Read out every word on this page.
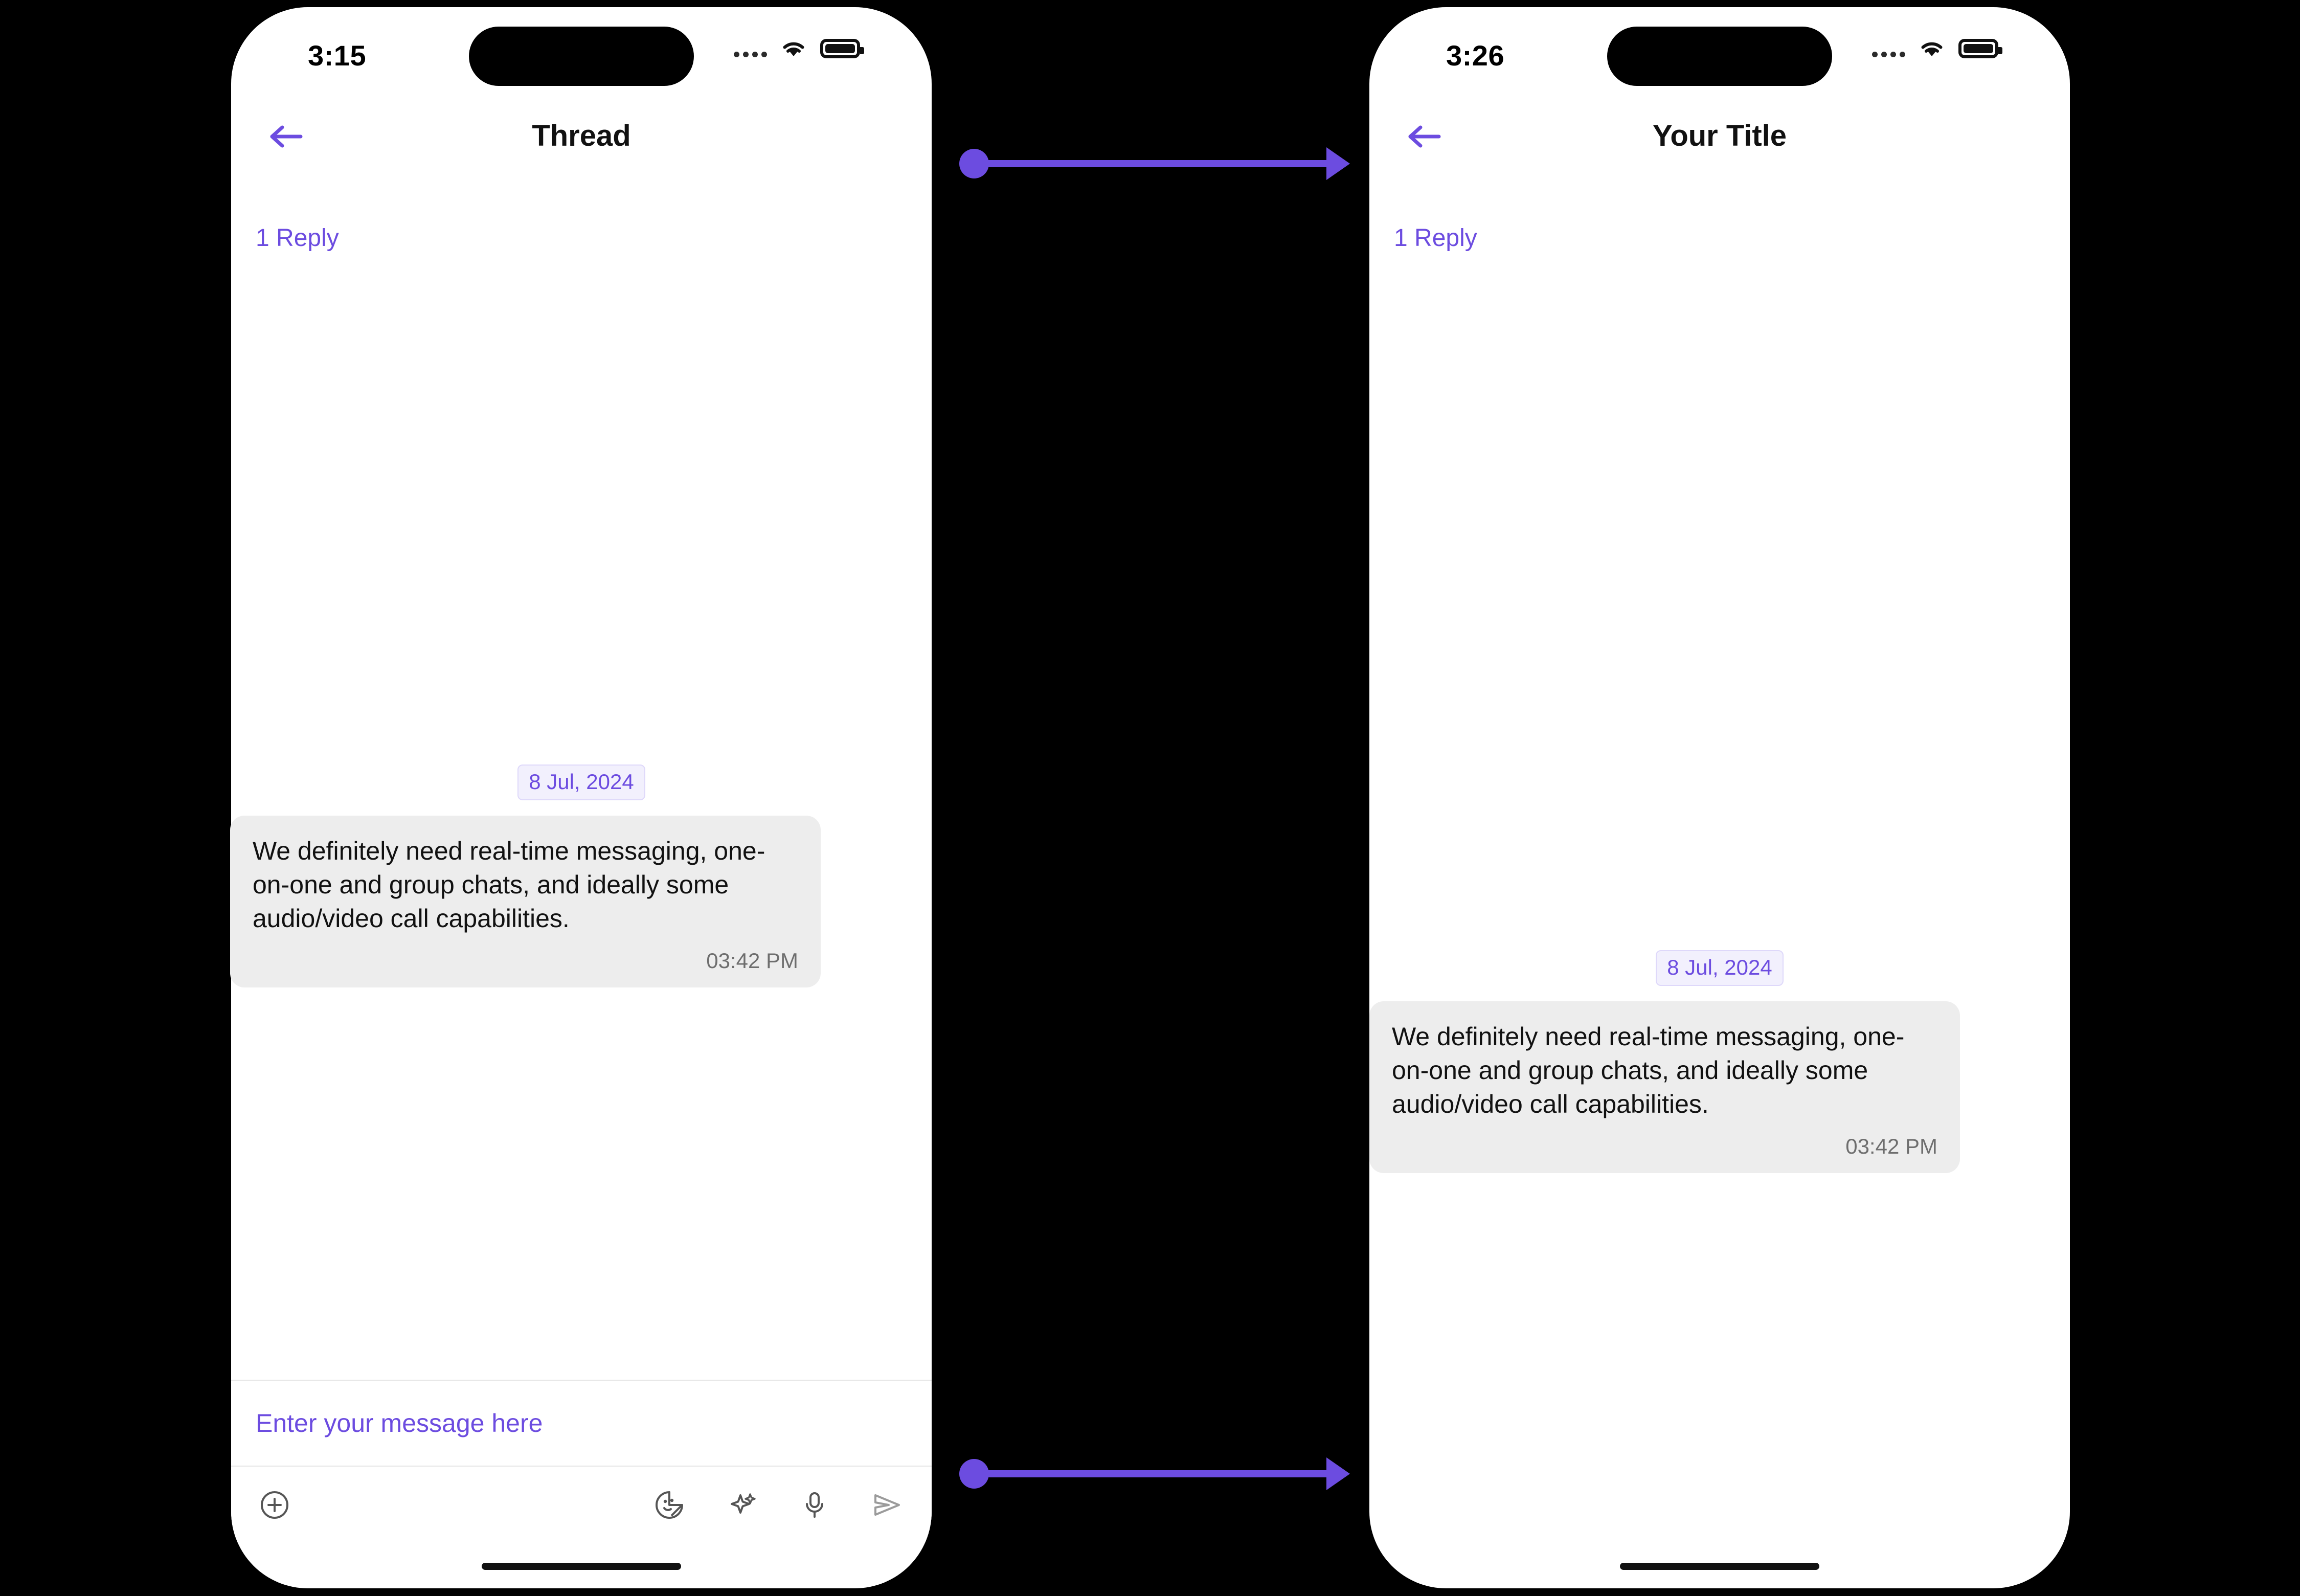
3:15
Thread
1 Reply
Enter your message here
8 Jul, 2024
We definitely need real-time messaging, one-on-one and group chats, and ideally some audio/video call capabilities.
03:42 PM
3:26
Your Title
1 Reply
8 Jul, 2024
We definitely need real-time messaging, one-on-one and group chats, and ideally some audio/video call capabilities.
03:42 PM
